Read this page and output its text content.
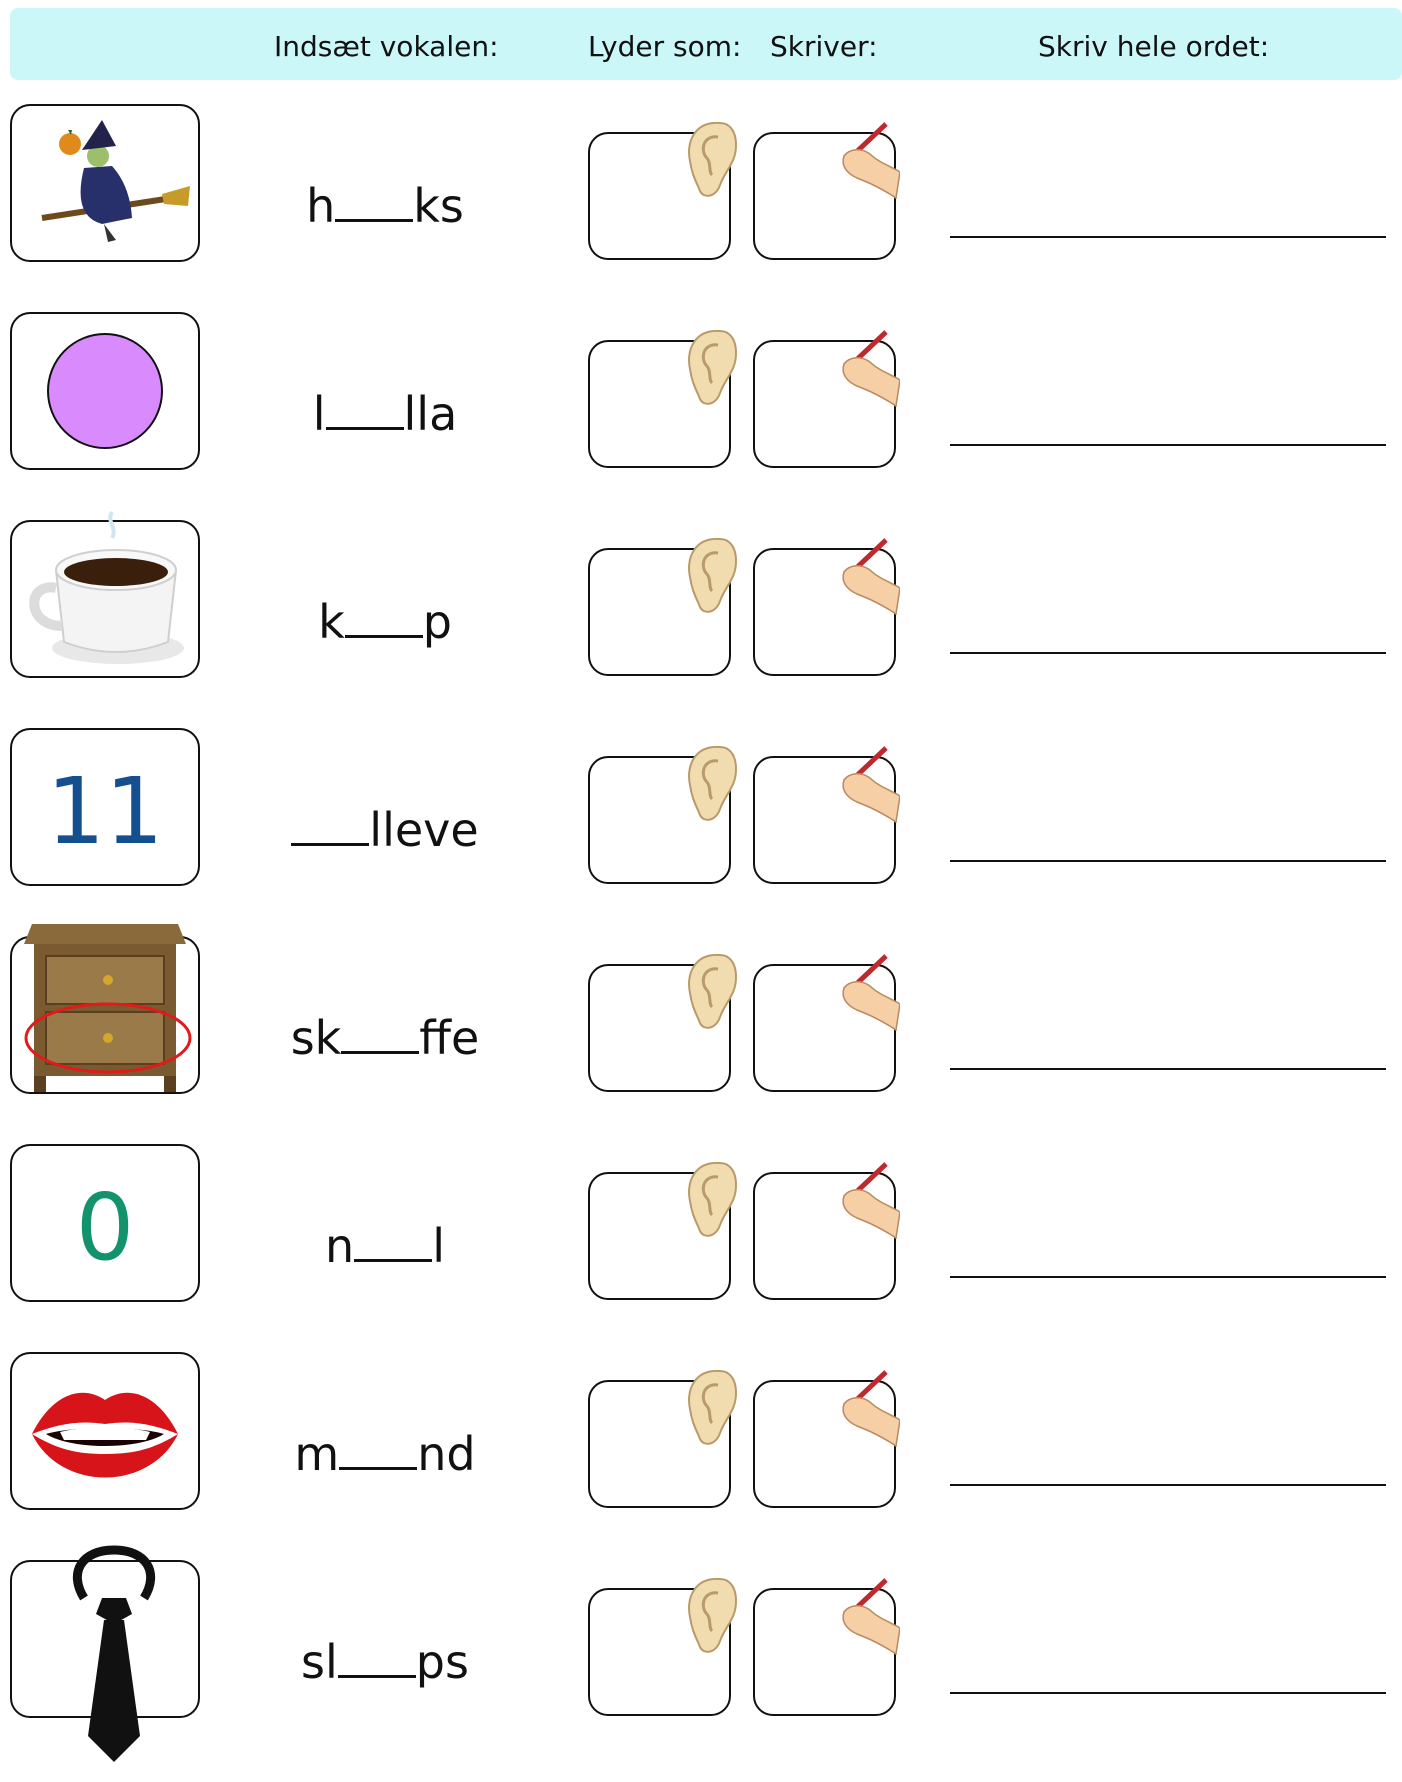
Indsæt vokalen:	Lyder som: Skriver:	Skriv hele ordet:
h ks
l lla
k p
11	lleve
sk ffe
0	n l
m nd
sl ps
